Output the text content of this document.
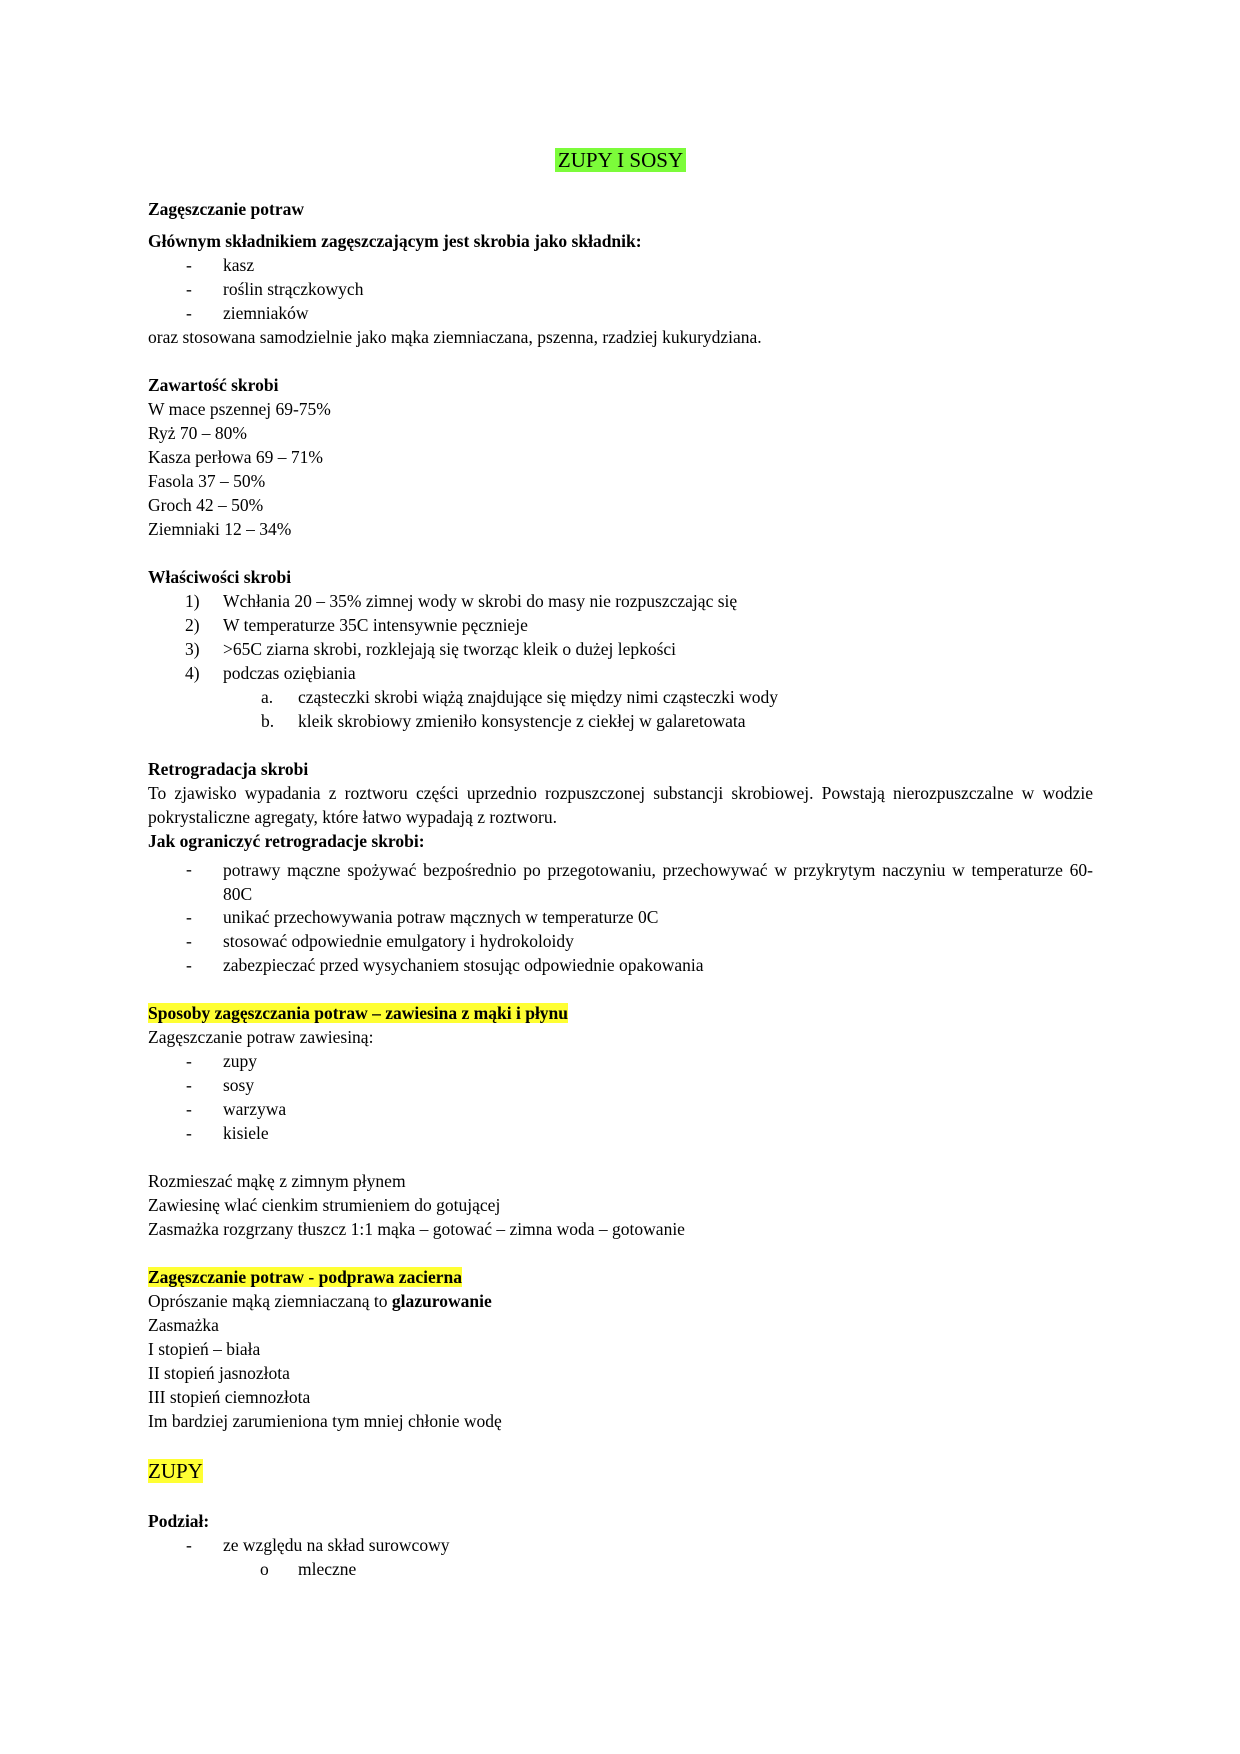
ZUPY I SOSY
Zagęszczanie potraw
Głównym składnikiem zagęszczającym jest skrobia jako składnik:
- kasz
- roślin strączkowych
- ziemniaków
oraz stosowana samodzielnie jako mąka ziemniaczana, pszenna, rzadziej kukurydziana.
Zawartość skrobi
W mace pszennej 69-75%
Ryż 70 – 80%
Kasza perłowa 69 – 71%
Fasola 37 – 50%
Groch 42 – 50%
Ziemniaki 12 – 34%
Właściwości skrobi
1) Wchłania 20 – 35% zimnej wody w skrobi do masy nie rozpuszczając się
2) W temperaturze 35C intensywnie pęcznieje
3) >65C ziarna skrobi, rozklejają się tworząc kleik o dużej lepkości
4) podczas oziębiania
a. cząsteczki skrobi wiążą znajdujące się między nimi cząsteczki wody
b. kleik skrobiowy zmieniło konsystencje z ciekłej w galaretowata
Retrogradacja skrobi
To zjawisko wypadania z roztworu części uprzednio rozpuszczonej substancji skrobiowej. Powstają nierozpuszczalne w wodzie pokrystaliczne agregaty, które łatwo wypadają z roztworu.
Jak ograniczyć retrogradacje skrobi:
- potrawy mączne spożywać bezpośrednio po przegotowaniu, przechowywać w przykrytym naczyniu w temperaturze 60-80C
- unikać przechowywania potraw mącznych w temperaturze 0C
- stosować odpowiednie emulgatory i hydrokoloidy
- zabezpieczać przed wysychaniem stosując odpowiednie opakowania
Sposoby zagęszczania potraw – zawiesina z mąki i płynu
Zagęszczanie potraw zawiesiną:
- zupy
- sosy
- warzywa
- kisiele
Rozmieszać mąkę z zimnym płynem
Zawiesinę wlać cienkim strumieniem do gotującej
Zasmażka rozgrzany tłuszcz 1:1 mąka – gotować – zimna woda – gotowanie
Zagęszczanie potraw - podprawa zacierna
Oprószanie mąką ziemniaczaną to glazurowanie
Zasmażka
I stopień – biała
II stopień jasnozłota
III stopień ciemnozłota
Im bardziej zarumieniona tym mniej chłonie wodę
ZUPY
Podział:
- ze względu na skład surowcowy
o mleczne
